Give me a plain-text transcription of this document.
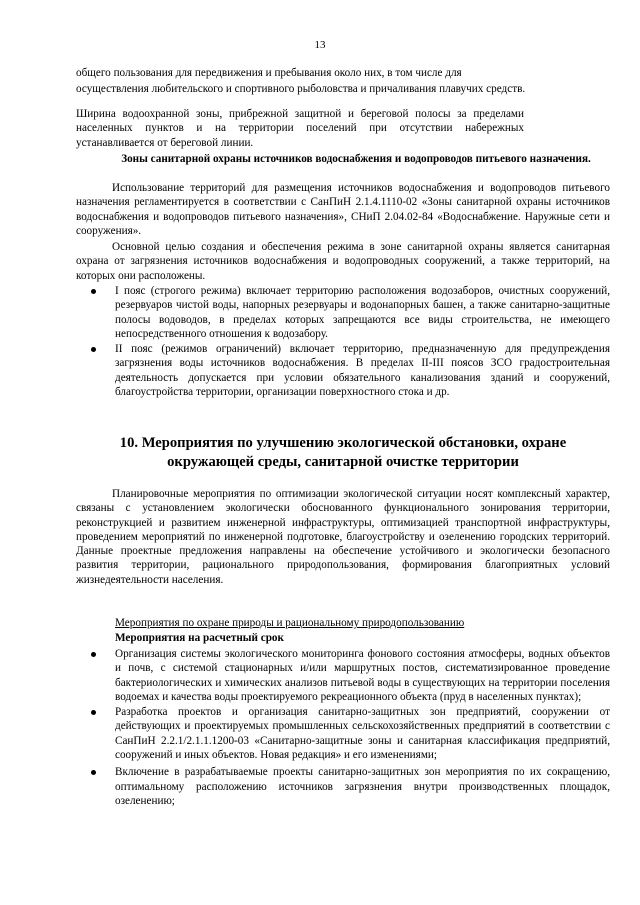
13

общего пользования для передвижения и пребывания около них, в том числе для

осуществления любительского и спортивного рыболовства и причаливания плавучих средств.

Ширина водоохранной зоны, прибрежной защитной и береговой полосы за пределами населенных пунктов и на территории поселений при отсутствии набережных устанавливается от береговой линии.

Зоны санитарной охраны источников водоснабжения и водопроводов питьевого назначения.

Использование территорий для размещения источников водоснабжения и водопроводов питьевого назначения регламентируется в соответствии с СанПиН 2.1.4.1110-02 «Зоны санитарной охраны источников водоснабжения и водопроводов питьевого назначения», СНиП 2.04.02-84 «Водоснабжение. Наружные сети и сооружения».

Основной целью создания и обеспечения режима в зоне санитарной охраны является санитарная охрана от загрязнения источников водоснабжения и водопроводных сооружений, а также территорий, на которых они расположены.

I пояс (строгого режима) включает территорию расположения водозаборов, очистных сооружений, резервуаров чистой воды, напорных резервуары и водонапорных башен, а также санитарно-защитные полосы водоводов, в пределах которых запрещаются все виды строительства, не имеющего непосредственного отношения к водозабору.
II пояс (режимов ограничений) включает территорию, предназначенную для предупреждения загрязнения воды источников водоснабжения. В пределах II-III поясов ЗСО градостроительная деятельность допускается при условии обязательного канализования зданий и сооружений, благоустройства территории, организации поверхностного стока и др.
10. Мероприятия по улучшению экологической обстановки, охране окружающей среды, санитарной очистке территории

Планировочные мероприятия по оптимизации экологической ситуации носят комплексный характер, связаны с установлением экологически обоснованного функционального зонирования территории, реконструкцией и развитием инженерной инфраструктуры, оптимизацией транспортной инфраструктуры, проведением мероприятий по инженерной подготовке, благоустройству и озеленению городских территорий. Данные проектные предложения направлены на обеспечение устойчивого и экологически безопасного развития территории, рационального природопользования, формирования благоприятных условий жизнедеятельности населения.

Мероприятия по охране природы и рациональному природопользованию

Мероприятия на расчетный срок

Организация системы экологического мониторинга фонового состояния атмосферы, водных объектов и почв, с системой стационарных и/или маршрутных постов, систематизированное проведение бактериологических и химических анализов питьевой воды в существующих на территории поселения водоемах и качества воды проектируемого рекреационного объекта (пруд в населенных пунктах);
Разработка проектов и организация санитарно-защитных зон предприятий, сооружении от действующих и проектируемых промышленных сельскохозяйственных предприятий в соответствии с СанПиН 2.2.1/2.1.1.1200-03 «Санитарно-защитные зоны и санитарная классификация предприятий, сооружений и иных объектов. Новая редакция» и его изменениями;
Включение в разрабатываемые проекты санитарно-защитных зон мероприятия по их сокращению, оптимальному расположению источников загрязнения внутри производственных площадок, озеленению;
